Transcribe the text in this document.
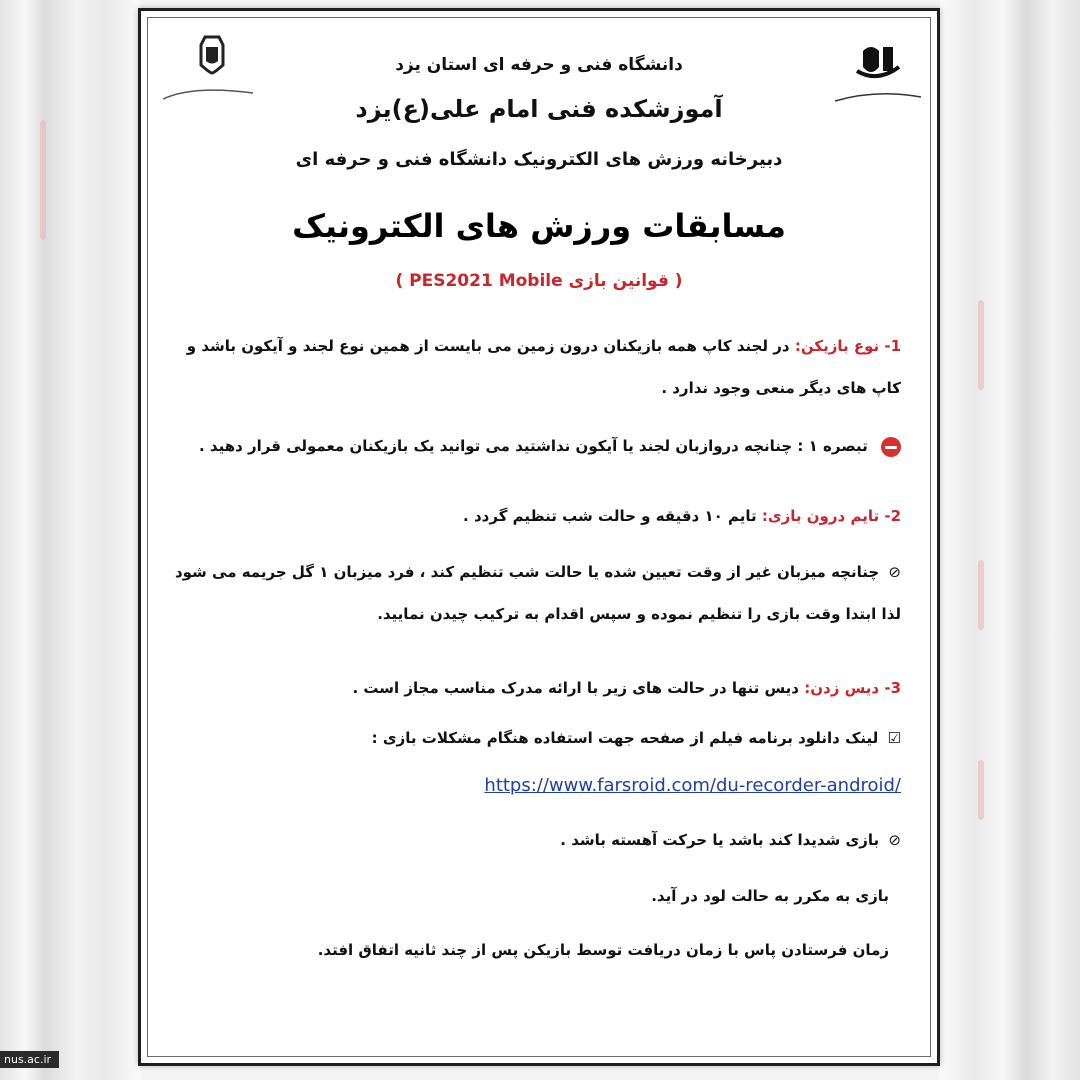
دانشگاه فنی و حرفه ای استان یزد
آموزشکده فنی امام علی(ع)یزد
دبیرخانه ورزش های الکترونیک دانشگاه فنی و حرفه ای
مسابقات ورزش های الکترونیک
( قوانین بازی PES2021 Mobile )
1- نوع بازیکن: در لجند کاپ همه بازیکنان درون زمین می بایست از همین نوع لجند و آیکون باشد و کاپ های دیگر منعی وجود ندارد .
تبصره ۱ : چنانچه دروازبان لجند یا آیکون نداشتید می توانید یک بازیکنان معمولی قرار دهید .
2- تایم درون بازی: تایم ۱۰ دقیقه و حالت شب تنظیم گردد .
⊘ چنانچه میزبان غیر از وقت تعیین شده یا حالت شب تنظیم کند ، فرد میزبان ۱ گل جریمه می شود لذا ابتدا وقت بازی را تنظیم نموده و سپس اقدام به ترکیب چیدن نمایید.
3- دیس زدن: دیس تنها در حالت های زیر با ارائه مدرک مناسب مجاز است .
☑ لینک دانلود برنامه فیلم از صفحه جهت استفاده هنگام مشکلات بازی :
https://www.farsroid.com/du-recorder-android/
⊘ بازی شدیدا کند باشد یا حرکت آهسته باشد .
بازی به مکرر به حالت لود در آید.
زمان فرستادن پاس با زمان دریافت توسط بازیکن پس از چند ثانیه اتفاق افتد.
nus.ac.ir
